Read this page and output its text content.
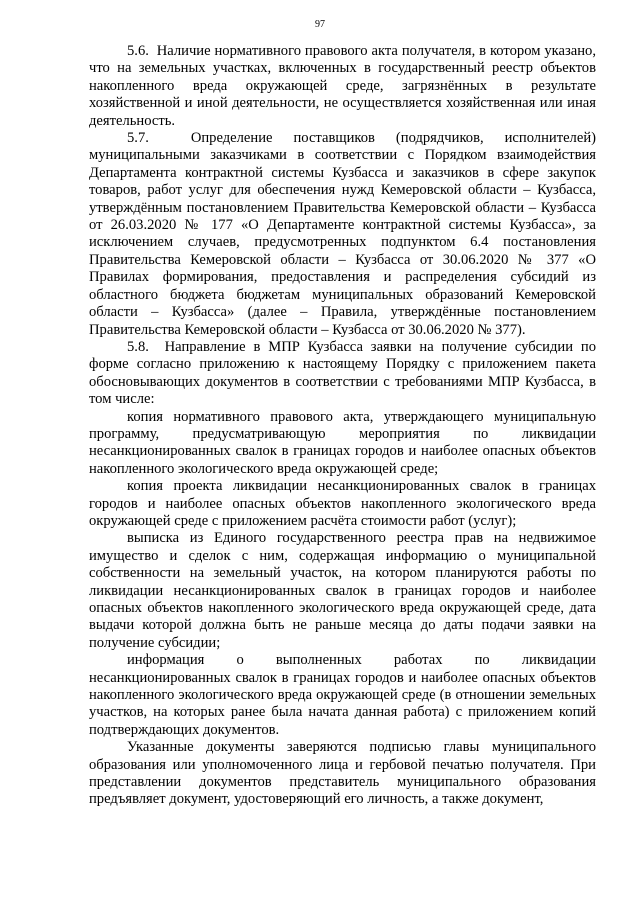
97

5.6.  Наличие нормативного правового акта получателя, в котором указано, что на земельных участках, включенных в государственный реестр объектов накопленного вреда окружающей среде, загрязнённых в результате хозяйственной и иной деятельности, не осуществляется хозяйственная или иная деятельность.

5.7.  Определение поставщиков (подрядчиков, исполнителей) муниципальными заказчиками в соответствии с Порядком взаимодействия Департамента контрактной системы Кузбасса и заказчиков в сфере закупок товаров, работ услуг для обеспечения нужд Кемеровской области – Кузбасса, утверждённым постановлением Правительства Кемеровской области – Кузбасса от 26.03.2020 № 177 «О Департаменте контрактной системы Кузбасса», за исключением случаев, предусмотренных подпунктом 6.4 постановления Правительства Кемеровской области – Кузбасса от 30.06.2020 № 377 «О Правилах формирования, предоставления и распределения субсидий из областного бюджета бюджетам муниципальных образований Кемеровской области – Кузбасса» (далее – Правила, утверждённые постановлением Правительства Кемеровской области – Кузбасса от 30.06.2020 № 377).

5.8.  Направление в МПР Кузбасса заявки на получение субсидии по форме согласно приложению к настоящему Порядку с приложением пакета обосновывающих документов в соответствии с требованиями МПР Кузбасса, в том числе:

копия нормативного правового акта, утверждающего муниципальную программу, предусматривающую мероприятия по ликвидации несанкционированных свалок в границах городов и наиболее опасных объектов накопленного экологического вреда окружающей среде;

копия проекта ликвидации несанкционированных свалок в границах городов и наиболее опасных объектов накопленного экологического вреда окружающей среде с приложением расчёта стоимости работ (услуг);

выписка из Единого государственного реестра прав на недвижимое имущество и сделок с ним, содержащая информацию о муниципальной собственности на земельный участок, на котором планируются работы по ликвидации несанкционированных свалок в границах городов и наиболее опасных объектов накопленного экологического вреда окружающей среде, дата выдачи которой должна быть не раньше месяца до даты подачи заявки на получение субсидии;

информация о выполненных работах по ликвидации несанкционированных свалок в границах городов и наиболее опасных объектов накопленного экологического вреда окружающей среде (в отношении земельных участков, на которых ранее была начата данная работа) с приложением копий подтверждающих документов.

Указанные документы заверяются подписью главы муниципального образования или уполномоченного лица и гербовой печатью получателя. При представлении документов представитель муниципального образования предъявляет документ, удостоверяющий его личность, а также документ,
